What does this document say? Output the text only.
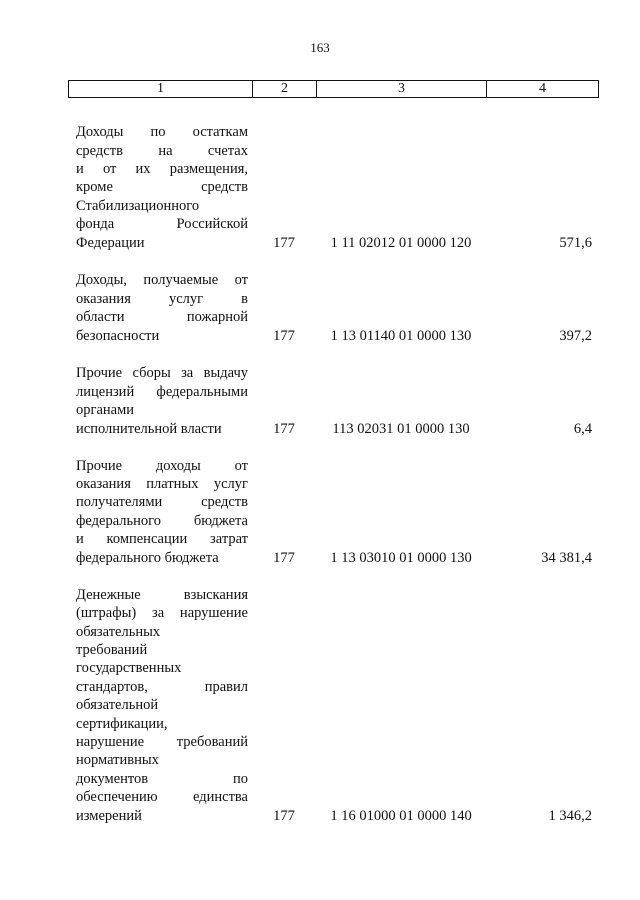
163
1	2	3	4
Доходы по остаткам
средств на счетах
и от их размещения,
кроме средств
Стабилизационного
фонда Российской
Федерации	177	1 11 02012 01 0000 120	571,6
Доходы, получаемые от
оказания услуг в
области пожарной
безопасности	177	1 13 01140 01 0000 130	397,2
Прочие сборы за выдачу
лицензий федеральными
органами
исполнительной власти	177	113 02031 01 0000 130	6,4
Прочие доходы от
оказания платных услуг
получателями средств
федерального бюджета
и компенсации затрат
федерального бюджета	177	1 13 03010 01 0000 130	34 381,4
Денежные взыскания
(штрафы) за нарушение
обязательных
требований
государственных
стандартов, правил
обязательной
сертификации,
нарушение требований
нормативных
документов по
обеспечению единства
измерений	177	1 16 01000 01 0000 140	1 346,2
